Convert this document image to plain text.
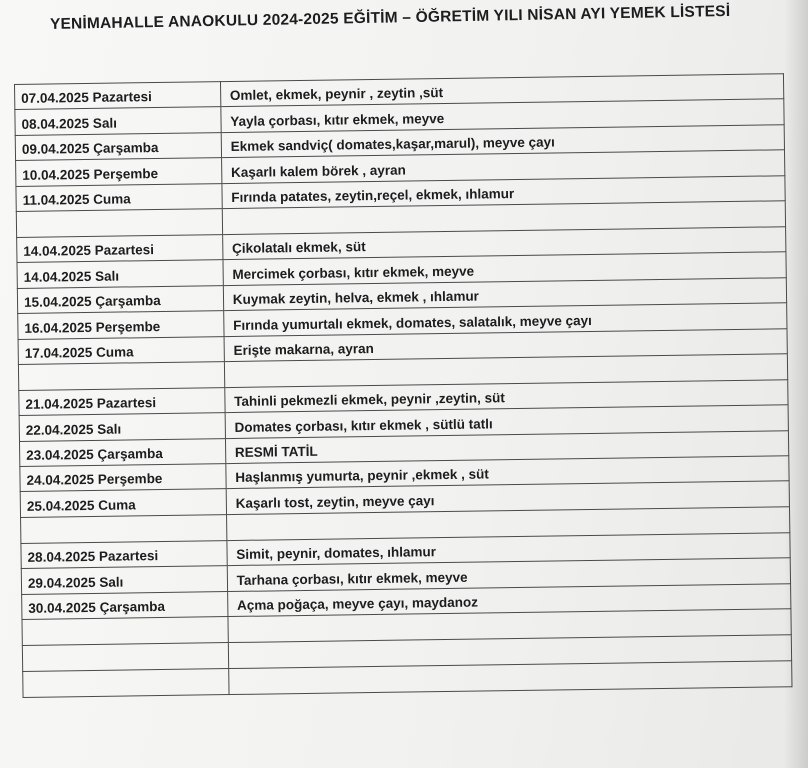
YENİMAHALLE ANAOKULU 2024-2025 EĞİTİM – ÖĞRETİM YILI NİSAN AYI YEMEK LİSTESİ
07.04.2025 Pazartesi	Omlet, ekmek, peynir , zeytin ,süt
08.04.2025 Salı	Yayla çorbası, kıtır ekmek, meyve
09.04.2025 Çarşamba	Ekmek sandviç( domates,kaşar,marul), meyve çayı
10.04.2025 Perşembe	Kaşarlı kalem börek , ayran
11.04.2025 Cuma	Fırında patates, zeytin,reçel, ekmek, ıhlamur

14.04.2025 Pazartesi	Çikolatalı ekmek, süt
14.04.2025 Salı	Mercimek çorbası, kıtır ekmek, meyve
15.04.2025 Çarşamba	Kuymak zeytin, helva, ekmek , ıhlamur
16.04.2025 Perşembe	Fırında yumurtalı ekmek, domates, salatalık, meyve çayı
17.04.2025 Cuma	Erişte makarna, ayran

21.04.2025 Pazartesi	Tahinli pekmezli ekmek, peynir ,zeytin, süt
22.04.2025 Salı	Domates çorbası, kıtır ekmek , sütlü tatlı
23.04.2025 Çarşamba	RESMİ TATİL
24.04.2025 Perşembe	Haşlanmış yumurta, peynir ,ekmek , süt
25.04.2025 Cuma	Kaşarlı tost, zeytin, meyve çayı

28.04.2025 Pazartesi	Simit, peynir, domates, ıhlamur
29.04.2025 Salı	Tarhana çorbası, kıtır ekmek, meyve
30.04.2025 Çarşamba	Açma poğaça, meyve çayı, maydanoz
